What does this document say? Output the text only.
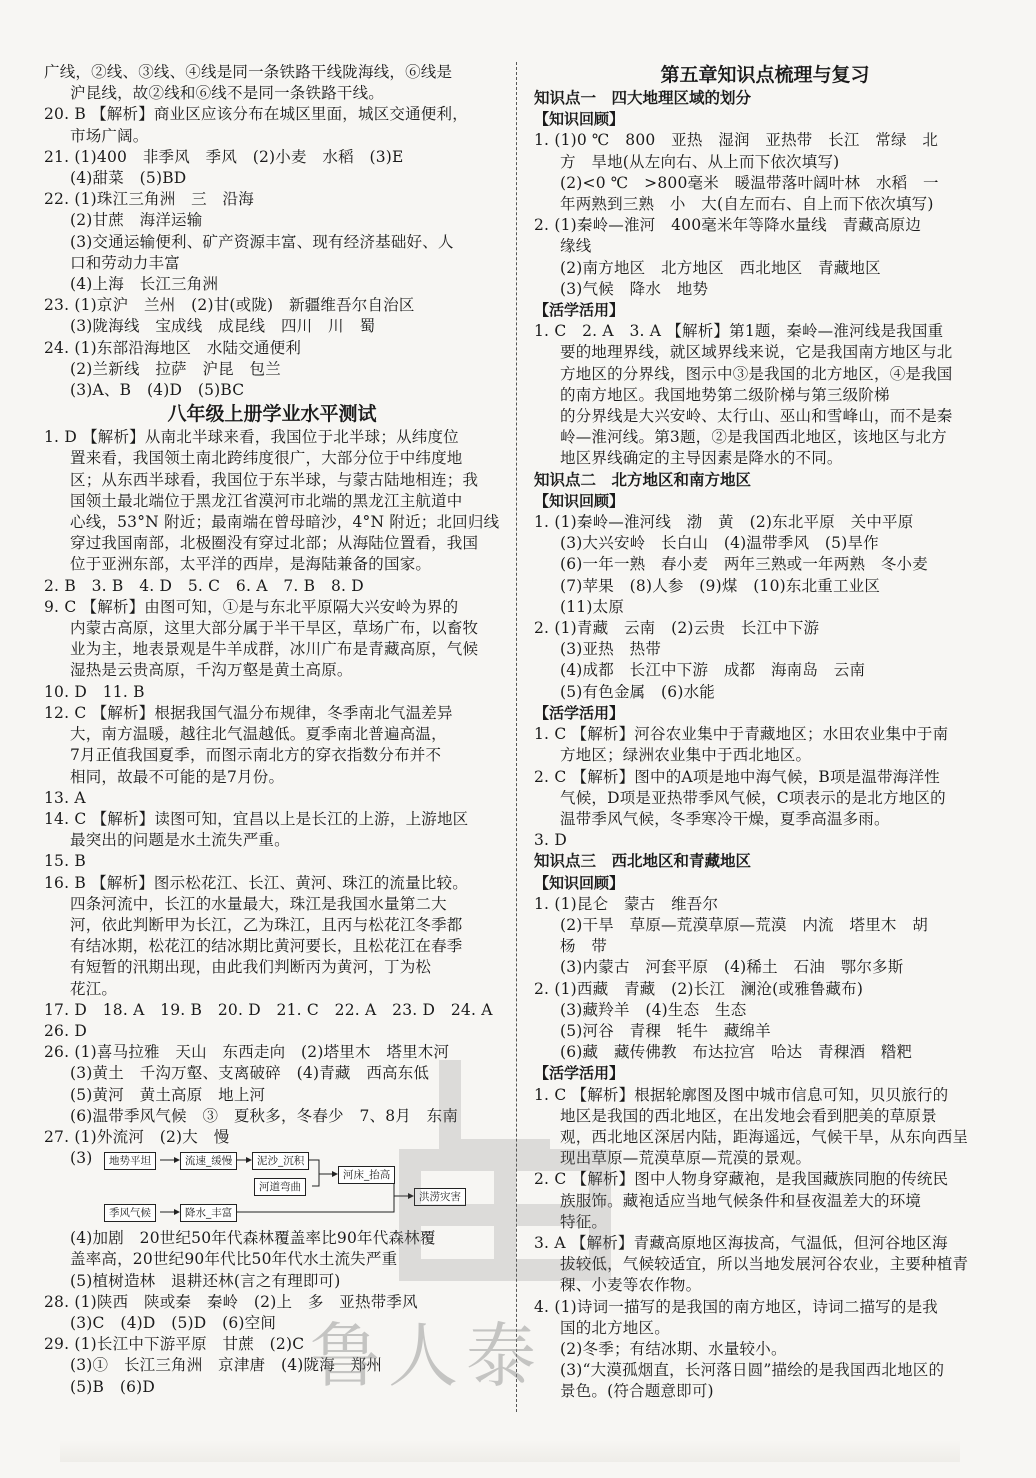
广线，②线、③线、④线是同一条铁路干线陇海线，⑥线是
沪昆线，故②线和⑥线不是同一条铁路干线。
20. B 【解析】商业区应该分布在城区里面，城区交通便利，
市场广阔。
21. (1)400　非季风　季风　(2)小麦　水稻　(3)E
(4)甜菜　(5)BD
22. (1)珠江三角洲　三　沿海
(2)甘蔗　海洋运输
(3)交通运输便利、矿产资源丰富、现有经济基础好、人
口和劳动力丰富
(4)上海　长江三角洲
23. (1)京沪　兰州　(2)甘(或陇)　新疆维吾尔自治区
(3)陇海线　宝成线　成昆线　四川　川　蜀
24. (1)东部沿海地区　水陆交通便利
(2)兰新线　拉萨　沪昆　包兰
(3)A、B　(4)D　(5)BC
八年级上册学业水平测试
1. D 【解析】从南北半球来看，我国位于北半球；从纬度位
置来看，我国领土南北跨纬度很广，大部分位于中纬度地
区；从东西半球看，我国位于东半球，与蒙古陆地相连；我
国领土最北端位于黑龙江省漠河市北端的黑龙江主航道中
心线，53°N 附近；最南端在曾母暗沙，4°N 附近；北回归线
穿过我国南部，北极圈没有穿过北部；从海陆位置看，我国
位于亚洲东部，太平洋的西岸，是海陆兼备的国家。
2. B　3. B　4. D　5. C　6. A　7. B　8. D
9. C 【解析】由图可知，①是与东北平原隔大兴安岭为界的
内蒙古高原，这里大部分属于半干旱区，草场广布，以畜牧
业为主，地表景观是牛羊成群，冰川广布是青藏高原，气候
湿热是云贵高原，千沟万壑是黄土高原。
10. D　11. B
12. C 【解析】根据我国气温分布规律，冬季南北气温差异
大，南方温暖，越往北气温越低。夏季南北普遍高温，
7月正值我国夏季，而图示南北方的穿衣指数分布并不
相同，故最不可能的是7月份。
13. A
14. C 【解析】读图可知，宜昌以上是长江的上游，上游地区
最突出的问题是水土流失严重。
15. B
16. B 【解析】图示松花江、长江、黄河、珠江的流量比较。
四条河流中，长江的水量最大，珠江是我国水量第二大
河，依此判断甲为长江，乙为珠江，且丙与松花江冬季都
有结冰期，松花江的结冰期比黄河要长，且松花江在春季
有短暂的汛期出现，由此我们判断丙为黄河，丁为松
花江。
17. D　18. A　19. B　20. D　21. C　22. A　23. D　24. A
26. D
26. (1)喜马拉雅　天山　东西走向　(2)塔里木　塔里木河
(3)黄土　千沟万壑、支离破碎　(4)青藏　西高东低
(5)黄河　黄土高原　地上河
(6)温带季风气候　③　夏秋多，冬春少　7、8月　东南
27. (1)外流河　(2)大　慢
(3)	地势平坦	流速_缓慢	泥沙_沉积
河床_抬高
河道弯曲
洪涝灾害
季风气候	降水_丰富
(4)加剧　20世纪50年代森林覆盖率比90年代森林覆
盖率高，20世纪90年代比50年代水土流失严重
(5)植树造林　退耕还林(言之有理即可)
28. (1)陕西　陕或秦　秦岭　(2)上　多　亚热带季风
(3)C　(4)D　(5)D　(6)空间
29. (1)长江中下游平原　甘蔗　(2)C
(3)①　长江三角洲　京津唐　(4)陇海　郑州
(5)B　(6)D
第五章知识点梳理与复习
知识点一　四大地理区域的划分
【知识回顾】
1. (1)0 ℃　800　亚热　湿润　亚热带　长江　常绿　北
方　旱地(从左向右、从上而下依次填写)
(2)<0 ℃　>800毫米　暖温带落叶阔叶林　水稻　一
年两熟到三熟　小　大(自左而右、自上而下依次填写)
2. (1)秦岭—淮河　400毫米年等降水量线　青藏高原边
缘线
(2)南方地区　北方地区　西北地区　青藏地区
(3)气候　降水　地势
【活学活用】
1. C　2. A　3. A 【解析】第1题，秦岭—淮河线是我国重
要的地理界线，就区域界线来说，它是我国南方地区与北
方地区的分界线，图示中③是我国的北方地区，④是我国
的南方地区。我国地势第二级阶梯与第三级阶梯
的分界线是大兴安岭、太行山、巫山和雪峰山，而不是秦
岭—淮河线。第3题，②是我国西北地区，该地区与北方
地区界线确定的主导因素是降水的不同。
知识点二　北方地区和南方地区
【知识回顾】
1. (1)秦岭—淮河线　渤　黄　(2)东北平原　关中平原
(3)大兴安岭　长白山　(4)温带季风　(5)旱作
(6)一年一熟　春小麦　两年三熟或一年两熟　冬小麦
(7)苹果　(8)人参　(9)煤　(10)东北重工业区
(11)太原
2. (1)青藏　云南　(2)云贵　长江中下游
(3)亚热　热带
(4)成都　长江中下游　成都　海南岛　云南
(5)有色金属　(6)水能
【活学活用】
1. C 【解析】河谷农业集中于青藏地区；水田农业集中于南
方地区；绿洲农业集中于西北地区。
2. C 【解析】图中的A项是地中海气候，B项是温带海洋性
气候，D项是亚热带季风气候，C项表示的是北方地区的
温带季风气候，冬季寒冷干燥，夏季高温多雨。
3. D
知识点三　西北地区和青藏地区
【知识回顾】
1. (1)昆仑　蒙古　维吾尔
(2)干旱　草原—荒漠草原—荒漠　内流　塔里木　胡
杨　带
(3)内蒙古　河套平原　(4)稀土　石油　鄂尔多斯
2. (1)西藏　青藏　(2)长江　澜沧(或雅鲁藏布)
(3)藏羚羊　(4)生态　生态
(5)河谷　青稞　牦牛　藏绵羊
(6)藏　藏传佛教　布达拉宫　哈达　青稞酒　糌粑
【活学活用】
1. C 【解析】根据轮廓图及图中城市信息可知，贝贝旅行的
地区是我国的西北地区，在出发地会看到肥美的草原景
观，西北地区深居内陆，距海遥远，气候干旱，从东向西呈
现出草原—荒漠草原—荒漠的景观。
2. C 【解析】图中人物身穿藏袍，是我国藏族同胞的传统民
族服饰。藏袍适应当地气候条件和昼夜温差大的环境
特征。
3. A 【解析】青藏高原地区海拔高，气温低，但河谷地区海
拔较低，气候较适宜，所以当地发展河谷农业，主要种植青
稞、小麦等农作物。
4. (1)诗词一描写的是我国的南方地区，诗词二描写的是我
国的北方地区。
(2)冬季；有结冰期、水量较小。
(3)“大漠孤烟直，长河落日圆”描绘的是我国西北地区的
景色。(符合题意即可)
鲁人泰
